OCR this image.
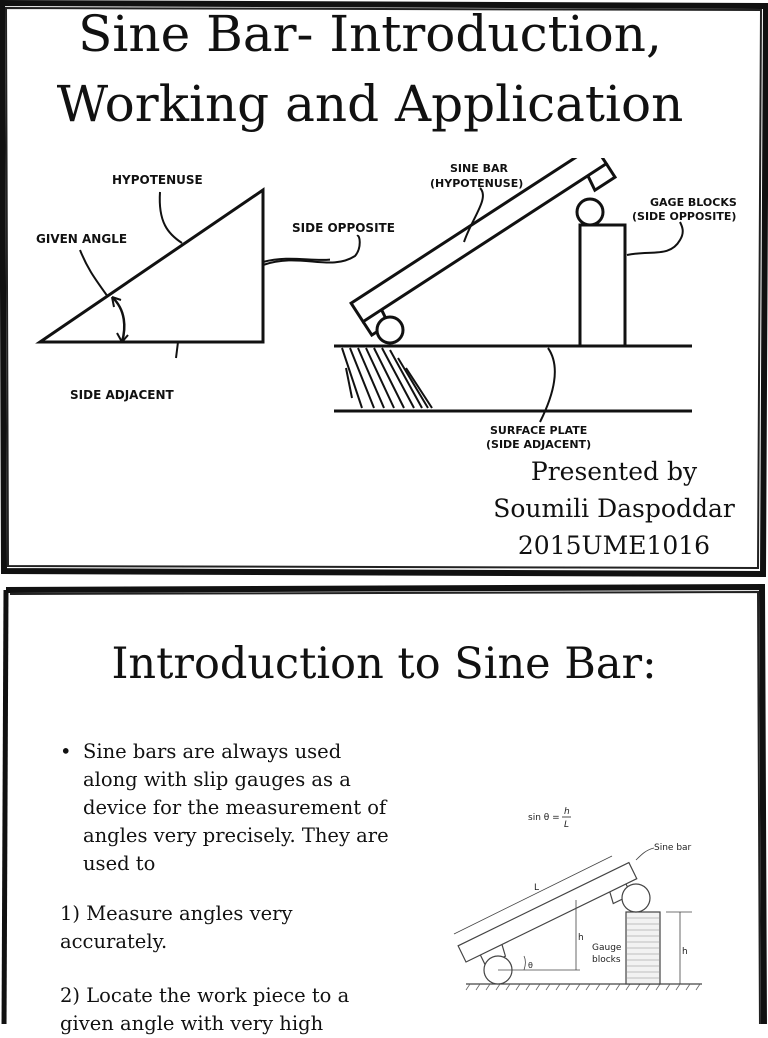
Sine Bar- Introduction,
Working and Application
HYPOTENUSE
GIVEN ANGLE
SIDE ADJACENT
SIDE OPPOSITE
SINE BAR
(HYPOTENUSE)
GAGE BLOCKS
(SIDE OPPOSITE)
SURFACE PLATE
(SIDE ADJACENT)
Presented by
Soumili Daspoddar
2015UME1016
Introduction to Sine Bar:
• Sine bars are always used along with slip gauges as a device for the measurement of angles very precisely. They are used to
1) Measure angles very accurately.
2) Locate the work piece to a given angle with very high
sin θ =
h
L
L
h
h
θ
Gauge
blocks
Sine bar
